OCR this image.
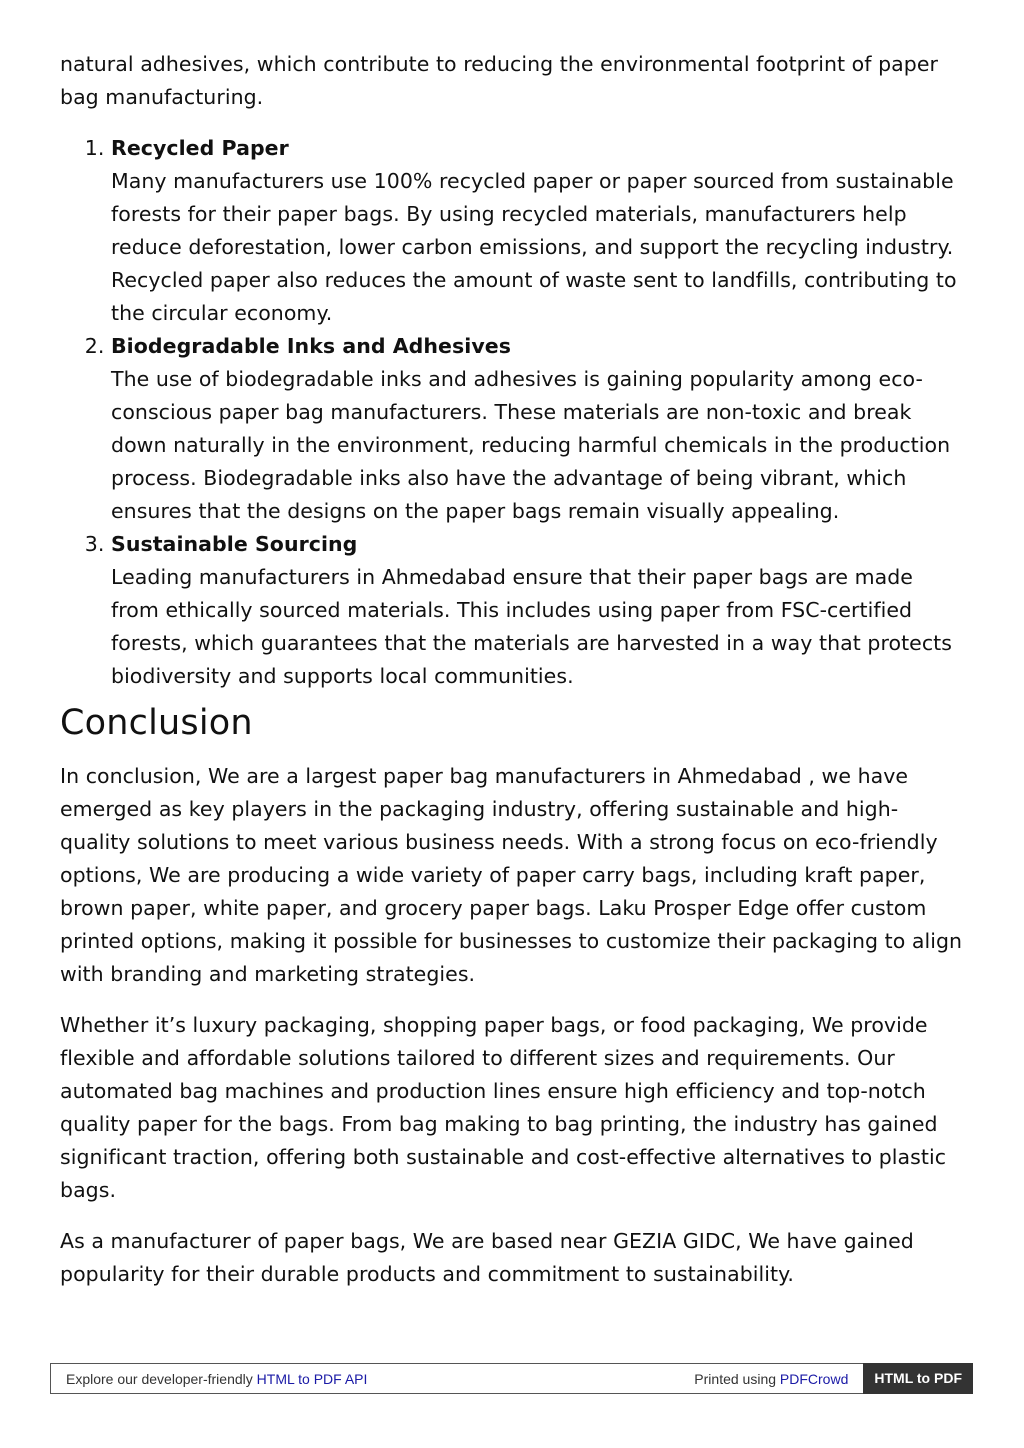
natural adhesives, which contribute to reducing the environmental footprint of paper bag manufacturing.

1. Recycled Paper
Many manufacturers use 100% recycled paper or paper sourced from sustainable forests for their paper bags. By using recycled materials, manufacturers help reduce deforestation, lower carbon emissions, and support the recycling industry. Recycled paper also reduces the amount of waste sent to landfills, contributing to the circular economy.
2. Biodegradable Inks and Adhesives
The use of biodegradable inks and adhesives is gaining popularity among eco-conscious paper bag manufacturers. These materials are non-toxic and break down naturally in the environment, reducing harmful chemicals in the production process. Biodegradable inks also have the advantage of being vibrant, which ensures that the designs on the paper bags remain visually appealing.
3. Sustainable Sourcing
Leading manufacturers in Ahmedabad ensure that their paper bags are made from ethically sourced materials. This includes using paper from FSC-certified forests, which guarantees that the materials are harvested in a way that protects biodiversity and supports local communities.
Conclusion

In conclusion, We are a largest paper bag manufacturers in Ahmedabad , we have emerged as key players in the packaging industry, offering sustainable and high-quality solutions to meet various business needs. With a strong focus on eco-friendly options, We are producing a wide variety of paper carry bags, including kraft paper, brown paper, white paper, and grocery paper bags. Laku Prosper Edge offer custom printed options, making it possible for businesses to customize their packaging to align with branding and marketing strategies.

Whether it’s luxury packaging, shopping paper bags, or food packaging, We provide flexible and affordable solutions tailored to different sizes and requirements. Our automated bag machines and production lines ensure high efficiency and top-notch quality paper for the bags. From bag making to bag printing, the industry has gained significant traction, offering both sustainable and cost-effective alternatives to plastic bags.

As a manufacturer of paper bags, We are based near GEZIA GIDC, We have gained popularity for their durable products and commitment to sustainability.

Explore our developer-friendly HTML to PDF API	Printed using PDFCrowd	HTML to PDF
